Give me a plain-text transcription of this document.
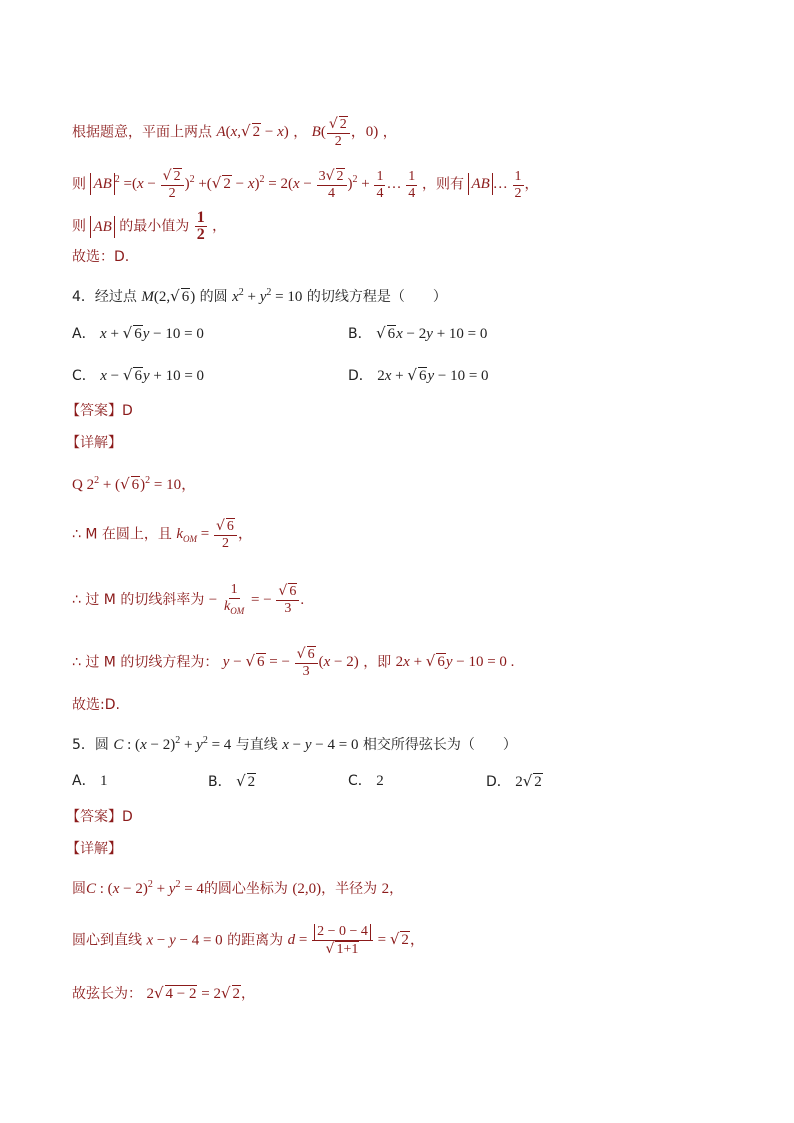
根据题意，平面上两点 A(x,√ 2 − x) ， $B( \frac{√ 2}{2}$ ，0) ，
则 AB $^2 =(x - \frac{√ 2}{2} )^2$ +(√ $2 - x)^2 = 2(x - \frac{3√ 2}{4} )^2 + \frac{1}{4}$ … $\frac{1}{4}$ ，则有 AB … $\frac{1}{2}$ ，
则 AB 的最小值为 $\frac{1}{2}$ ，
故选：D.
4．经过点 M(2,√ 6) 的圆 $x^2 + y^2 = 10$ 的切线方程是（　　）
A． x + √ 6y − 10 = 0	B． √ 6x − 2y + 10 = 0
C． x − √ 6y + 10 = 0	D． 2x + √ 6y − 10 = 0
【答案】D
【详解】
Q $2^2$ + (√ 6)$^2$ = 10，
∴ M 在圆上，且 $k_{OM} = \frac{√ 6}{2}$ ，
∴ 过 M 的切线斜率为 − $\frac{1}{k_{OM}}$ = − $\frac{√ 6}{3}$ .
∴ 过 M 的切线方程为： y − √ 6 = − $\frac{√ 6}{3} (x - 2)$ ，即 2x + √ 6y − 10 = 0 .
故选:D.
5．圆 C : $(x - 2)^2 + y^2 = 4$ 与直线 x − y − 4 = 0 相交所得弦长为（　　）
A． 1	B． √ 2	C． 2	D． 2√ 2
【答案】D
【详解】
圆C : $(x - 2)^2 + y^2 = 4$的圆心坐标为 (2,0)，半径为 2，
圆心到直线 x − y − 4 = 0 的距离为 $d = \frac{2 - 0 - 4}{√ 1+1}$ = √ 2，
故弦长为： 2√ 4 − 2 = 2√ 2，
